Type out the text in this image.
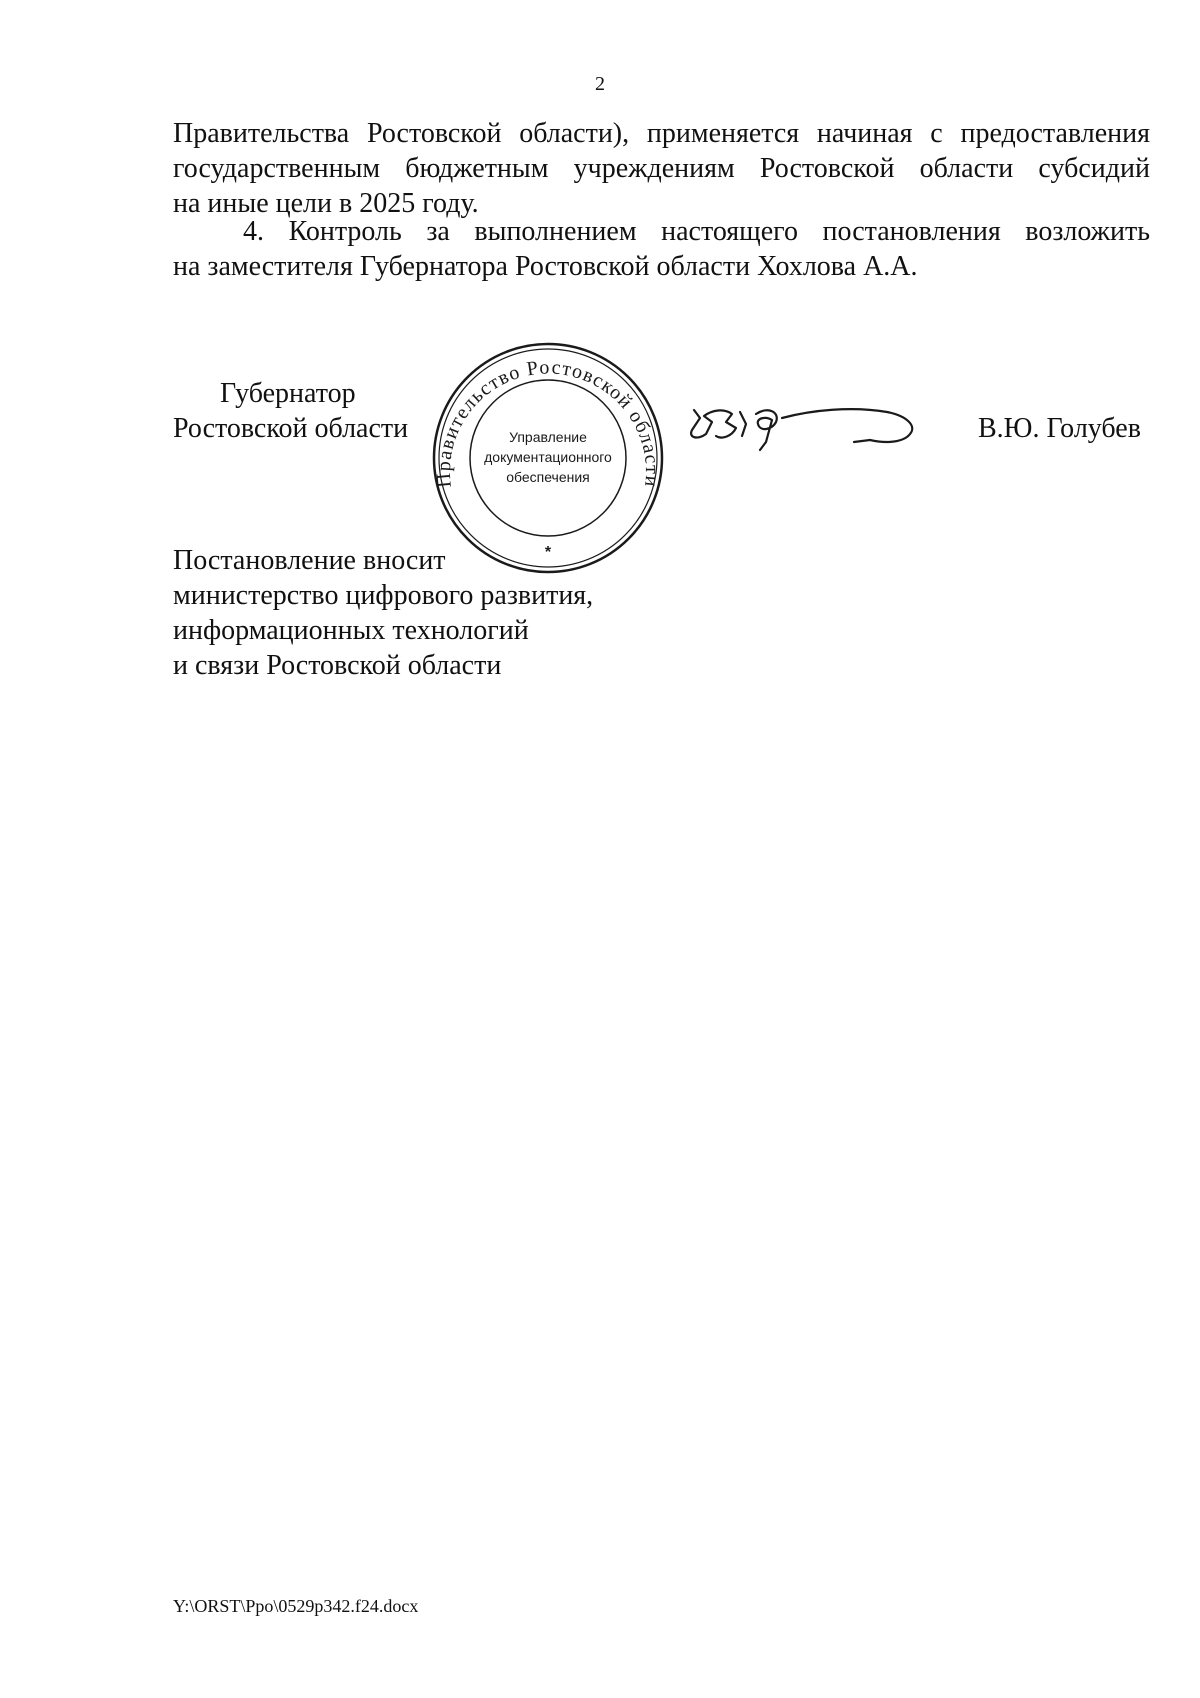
2
Правительства Ростовской области), применяется начиная с предоставления
государственным бюджетным учреждениям Ростовской области субсидий
на иные цели в 2025 году.
4. Контроль за выполнением настоящего постановления возложить
на заместителя Губернатора Ростовской области Хохлова А.А.
Губернатор
Ростовской области
Правительство Ростовской области
Управление
документационного
обеспечения
*
В.Ю. Голубев
Постановление вносит
министерство цифрового развития,
информационных технологий
и связи Ростовской области
Y:\ORST\Ppo\0529p342.f24.docx
